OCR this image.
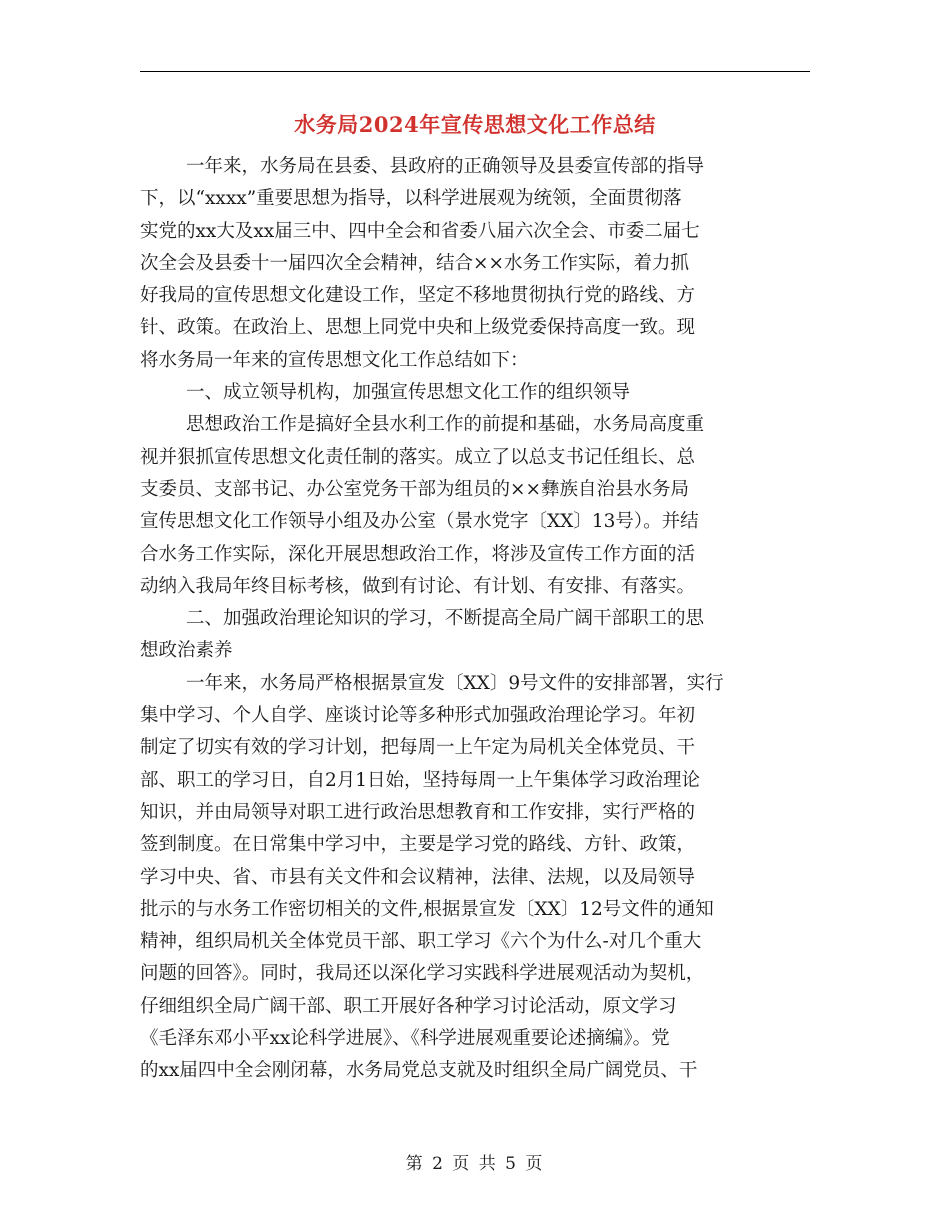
水务局2024年宣传思想文化工作总结
一年来，水务局在县委、县政府的正确领导及县委宣传部的指导
下，以“xxxx”重要思想为指导，以科学进展观为统领，全面贯彻落
实党的xx大及xx届三中、四中全会和省委八届六次全会、市委二届七
次全会及县委十一届四次全会精神，结合××水务工作实际，着力抓
好我局的宣传思想文化建设工作，坚定不移地贯彻执行党的路线、方
针、政策。在政治上、思想上同党中央和上级党委保持高度一致。现
将水务局一年来的宣传思想文化工作总结如下：
一、成立领导机构，加强宣传思想文化工作的组织领导
思想政治工作是搞好全县水利工作的前提和基础，水务局高度重
视并狠抓宣传思想文化责任制的落实。成立了以总支书记任组长、总
支委员、支部书记、办公室党务干部为组员的××彝族自治县水务局
宣传思想文化工作领导小组及办公室（景水党字〔XX〕13号）。并结
合水务工作实际，深化开展思想政治工作，将涉及宣传工作方面的活
动纳入我局年终目标考核，做到有讨论、有计划、有安排、有落实。
二、加强政治理论知识的学习，不断提高全局广阔干部职工的思
想政治素养
一年来，水务局严格根据景宣发〔XX〕9号文件的安排部署，实行
集中学习、个人自学、座谈讨论等多种形式加强政治理论学习。年初
制定了切实有效的学习计划，把每周一上午定为局机关全体党员、干
部、职工的学习日，自2月1日始，坚持每周一上午集体学习政治理论
知识，并由局领导对职工进行政治思想教育和工作安排，实行严格的
签到制度。在日常集中学习中，主要是学习党的路线、方针、政策，
学习中央、省、市县有关文件和会议精神，法律、法规，以及局领导
批示的与水务工作密切相关的文件,根据景宣发〔XX〕12号文件的通知
精神，组织局机关全体党员干部、职工学习《六个为什么-对几个重大
问题的回答》。同时，我局还以深化学习实践科学进展观活动为契机，
仔细组织全局广阔干部、职工开展好各种学习讨论活动，原文学习
《毛泽东邓小平xx论科学进展》、《科学进展观重要论述摘编》。党
的xx届四中全会刚闭幕，水务局党总支就及时组织全局广阔党员、干
第 2 页 共 5 页
